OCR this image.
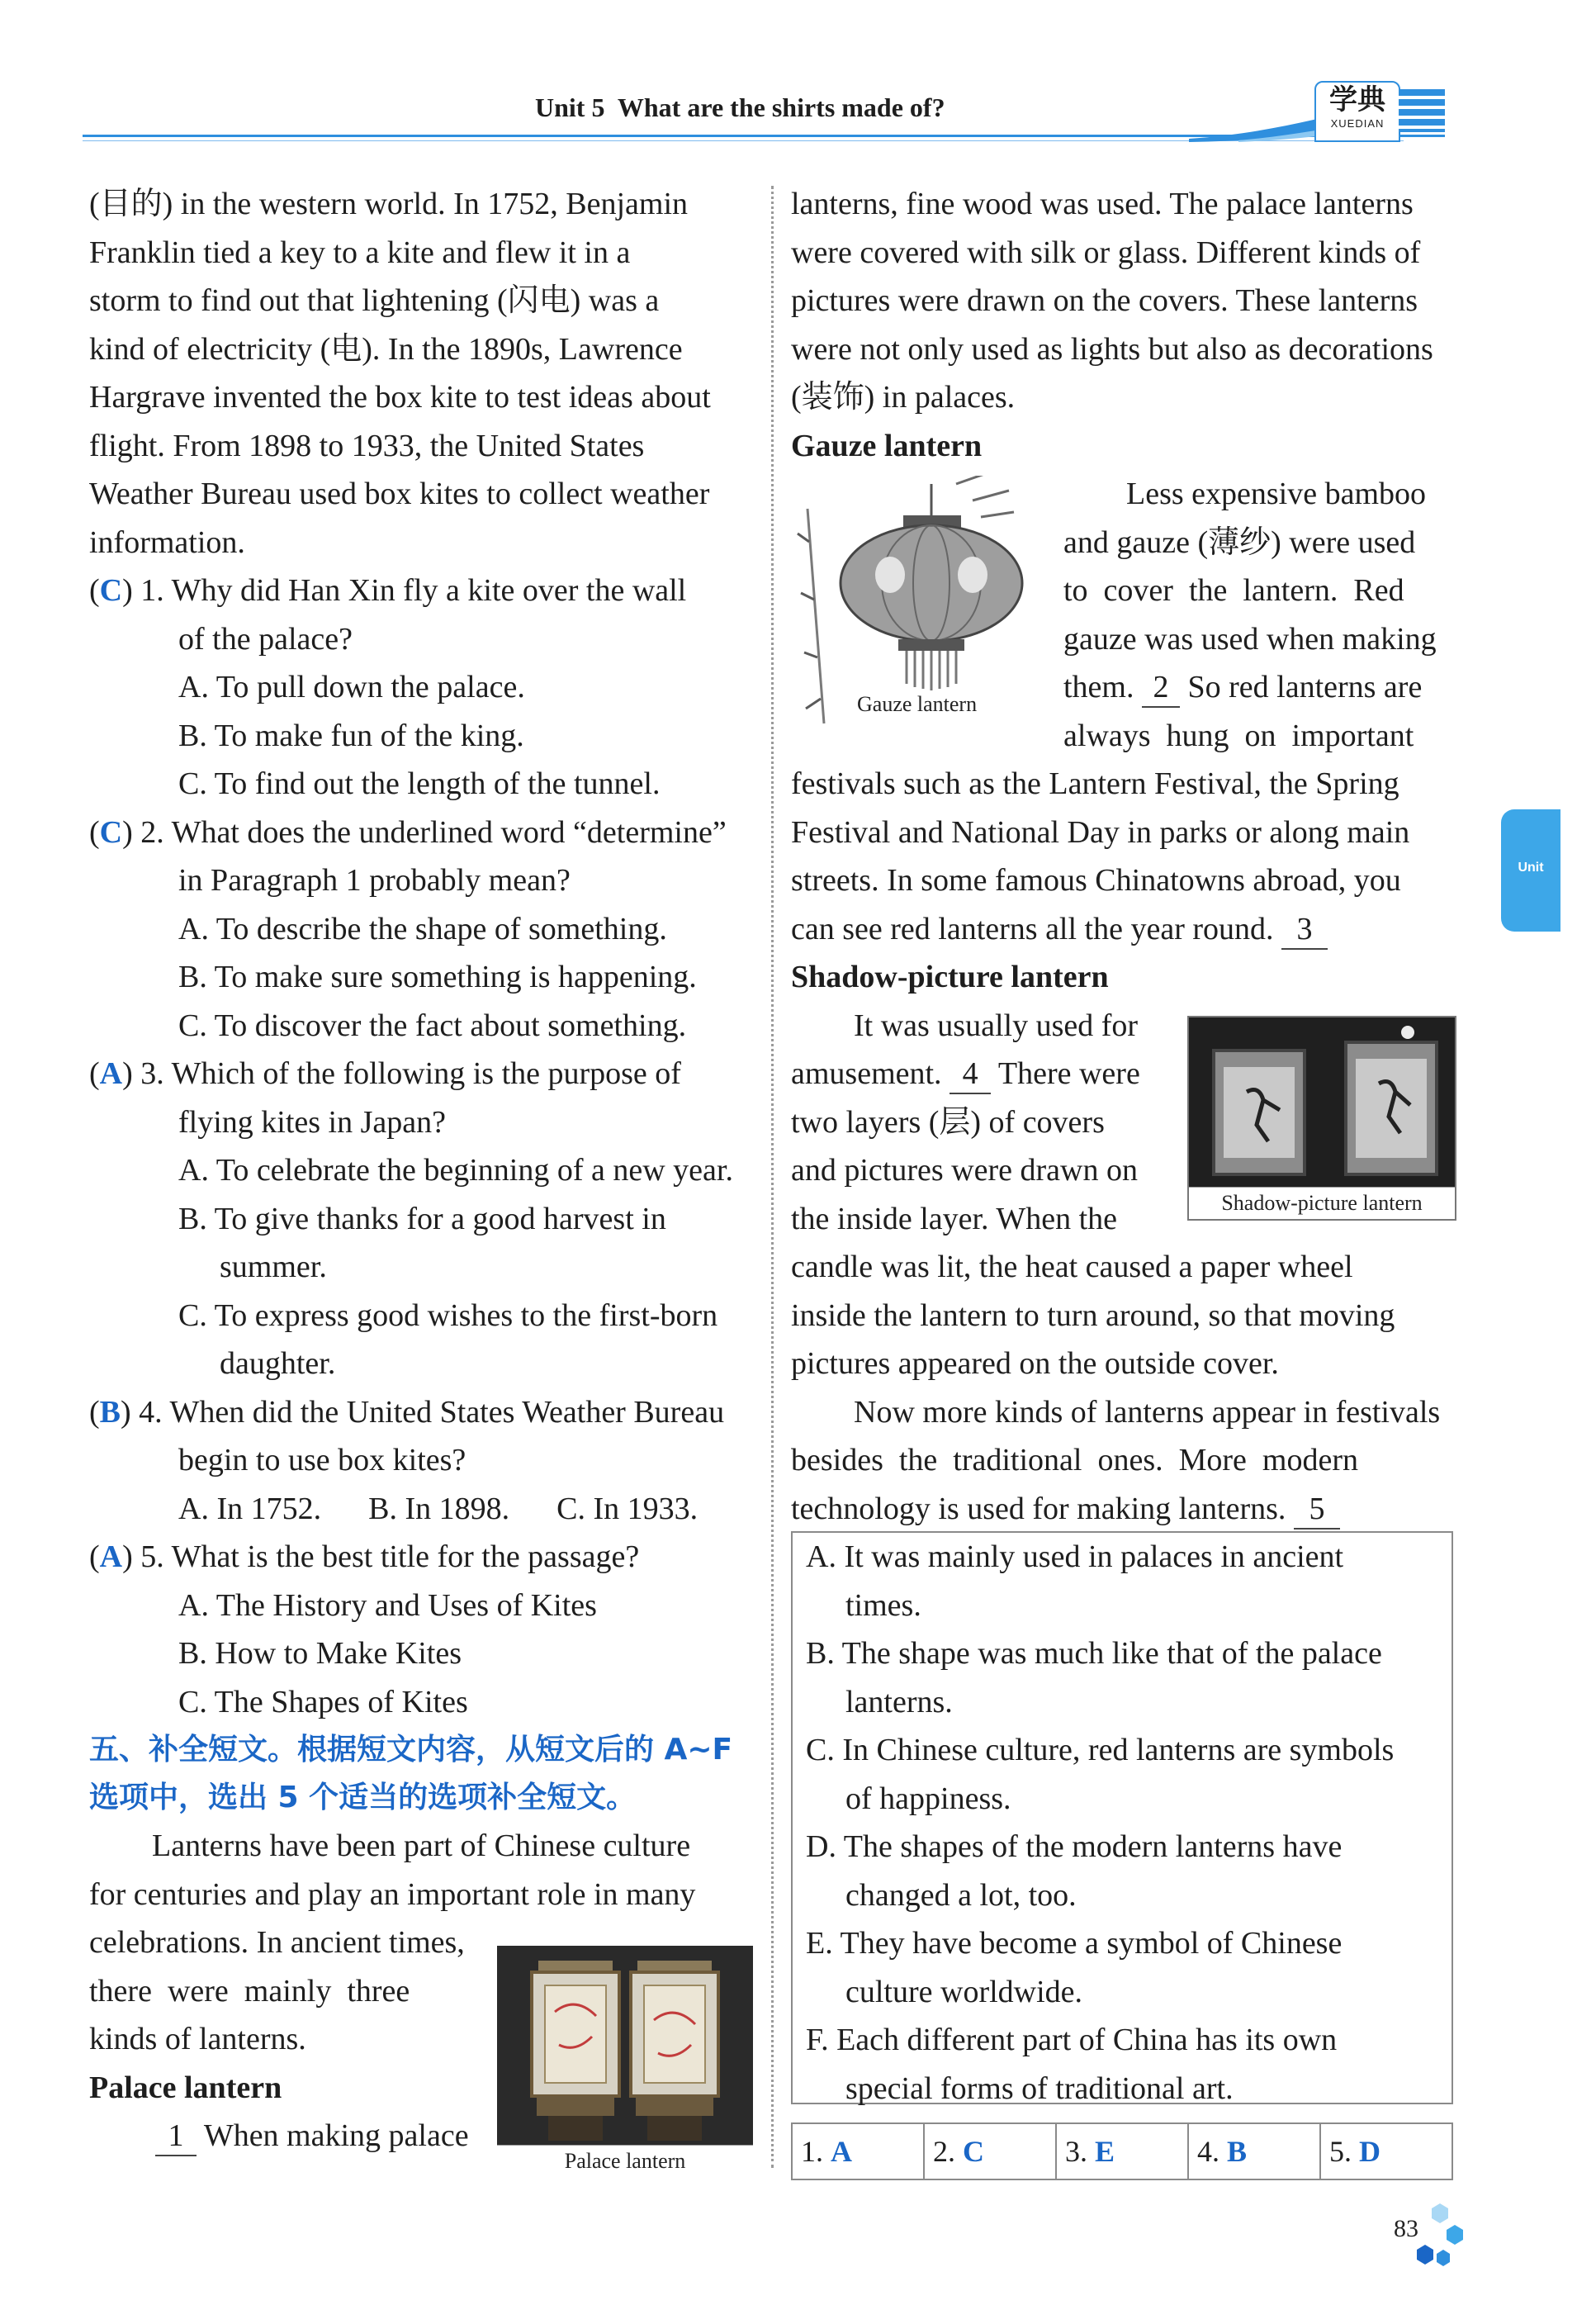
Unit 5  What are the shirts made of?	学典
XUEDIAN
Unit
(目的) in the western world. In 1752, Benjamin
Franklin tied a key to a kite and flew it in a
storm to find out that lightening (闪电) was a
kind of electricity (电). In the 1890s, Lawrence
Hargrave invented the box kite to test ideas about
flight. From 1898 to 1933, the United States
Weather Bureau used box kites to collect weather
information.
(C) 1. Why did Han Xin fly a kite over the wall
of the palace?
A. To pull down the palace.
B. To make fun of the king.
C. To find out the length of the tunnel.
(C) 2. What does the underlined word “determine”
in Paragraph 1 probably mean?
A. To describe the shape of something.
B. To make sure something is happening.
C. To discover the fact about something.
(A) 3. Which of the following is the purpose of
flying kites in Japan?
A. To celebrate the beginning of a new year.
B. To give thanks for a good harvest in
summer.
C. To express good wishes to the first-born
daughter.
(B) 4. When did the United States Weather Bureau
begin to use box kites?
A. In 1752. B. In 1898. C. In 1933.
(A) 5. What is the best title for the passage?
A. The History and Uses of Kites
B. How to Make Kites
C. The Shapes of Kites
五、补全短文。根据短文内容，从短文后的 A~F
选项中，选出 5 个适当的选项补全短文。
Lanterns have been part of Chinese culture
for centuries and play an important role in many
celebrations. In ancient times,
there  were  mainly  three
kinds of lanterns.
Palace lantern
1 When making palace
Palace lantern
lanterns, fine wood was used. The palace lanterns
were covered with silk or glass. Different kinds of
pictures were drawn on the covers. These lanterns
were not only used as lights but also as decorations
(装饰) in palaces.
Gauze lantern
Less expensive bamboo
and gauze (薄纱) were used
to  cover  the  lantern.  Red
gauze was used when making
them. 2 So red lanterns are
always  hung  on  important
festivals such as the Lantern Festival, the Spring
Festival and National Day in parks or along main
streets. In some famous Chinatowns abroad, you
can see red lanterns all the year round. 3
Shadow-picture lantern
It was usually used for
amusement. 4 There were
two layers (层) of covers
and pictures were drawn on
the inside layer. When the
candle was lit, the heat caused a paper wheel
inside the lantern to turn around, so that moving
pictures appeared on the outside cover.
Now more kinds of lanterns appear in festivals
besides  the  traditional  ones.  More  modern
technology is used for making lanterns. 5
Gauze lantern
Shadow-picture lantern
A. It was mainly used in palaces in ancient
times.
B. The shape was much like that of the palace
lanterns.
C. In Chinese culture, red lanterns are symbols
of happiness.
D. The shapes of the modern lanterns have
changed a lot, too.
E. They have become a symbol of Chinese
culture worldwide.
F. Each different part of China has its own
special forms of traditional art.
1. A	2. C	3. E	4. B	5. D
83
